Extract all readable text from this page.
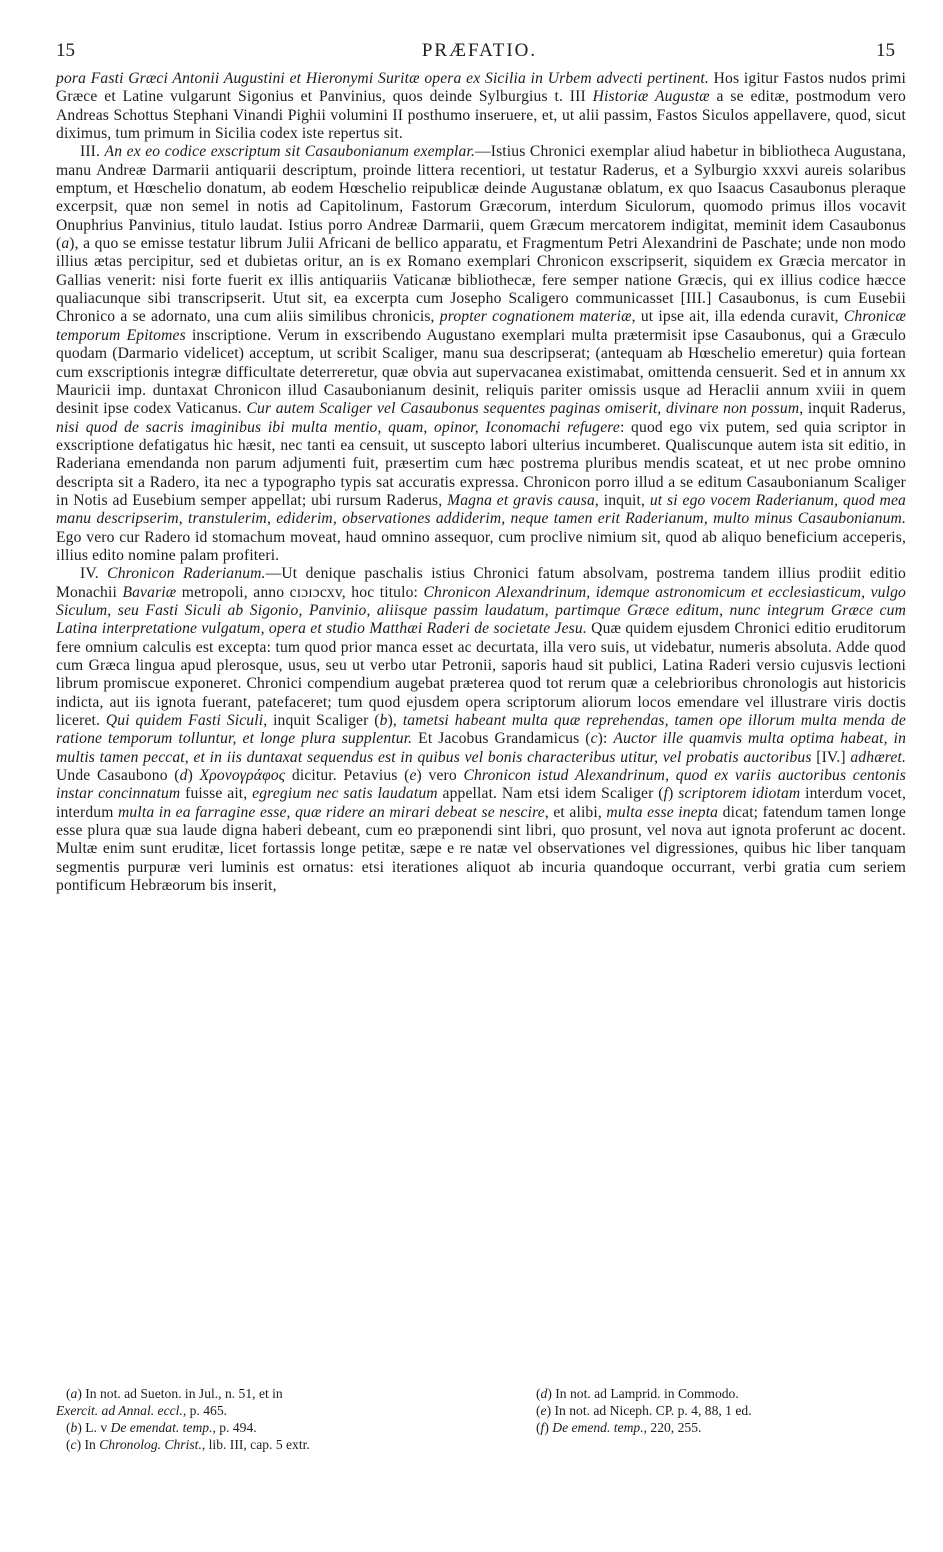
15	PRÆFATIO.	15

pora Fasti Græci Antonii Augustini et Hieronymi Suritæ opera ex Sicilia in Urbem advecti pertinent. Hos igitur Fastos nudos primi Græce et Latine vulgarunt Sigonius et Panvinius, quos deinde Sylburgius t. III Historiæ Augustæ a se editæ, postmodum vero Andreas Schottus Stephani Vinandi Pighii volumini II posthumo inseruere, et, ut alii passim, Fastos Siculos appellavere, quod, sicut diximus, tum primum in Sicilia codex iste repertus sit.

III. An ex eo codice exscriptum sit Casaubonianum exemplar.—Istius Chronici exemplar aliud habetur in bibliotheca Augustana, manu Andreæ Darmarii antiquarii descriptum, proinde littera recentiori, ut testatur Raderus, et a Sylburgio xxxvi aureis solaribus emptum, et Hœschelio donatum, ab eodem Hœschelio reipublicæ deinde Augustanæ oblatum, ex quo Isaacus Casaubonus pleraque excerpsit, quæ non semel in notis ad Capitolinum, Fastorum Græcorum, interdum Siculorum, quomodo primus illos vocavit Onuphrius Panvinius, titulo laudat. Istius porro Andreæ Darmarii, quem Græcum mercatorem indigitat, meminit idem Casaubonus (a), a quo se emisse testatur librum Julii Africani de bellico apparatu, et Fragmentum Petri Alexandrini de Paschate; unde non modo illius ætas percipitur, sed et dubietas oritur, an is ex Romano exemplari Chronicon exscripserit, siquidem ex Græcia mercator in Gallias venerit: nisi forte fuerit ex illis antiquariis Vaticanæ bibliothecæ, fere semper natione Græcis, qui ex illius codice hæcce qualiacunque sibi transcripserit. Utut sit, ea excerpta cum Josepho Scaligero communicasset [III.] Casaubonus, is cum Eusebii Chronico a se adornato, una cum aliis similibus chronicis, propter cognationem materiæ, ut ipse ait, illa edenda curavit, Chronicæ temporum Epitomes inscriptione. Verum in exscribendo Augustano exemplari multa prætermisit ipse Casaubonus, qui a Græculo quodam (Darmario videlicet) acceptum, ut scribit Scaliger, manu sua descripserat; (antequam ab Hœschelio emeretur) quia fortean cum exscriptionis integræ difficultate deterreretur, quæ obvia aut supervacanea existimabat, omittenda censuerit. Sed et in annum xx Mauricii imp. duntaxat Chronicon illud Casaubonianum desinit, reliquis pariter omissis usque ad Heraclii annum xviii in quem desinit ipse codex Vaticanus. Cur autem Scaliger vel Casaubonus sequentes paginas omiserit, divinare non possum, inquit Raderus, nisi quod de sacris imaginibus ibi multa mentio, quam, opinor, Iconomachi refugere: quod ego vix putem, sed quia scriptor in exscriptione defatigatus hic hæsit, nec tanti ea censuit, ut suscepto labori ulterius incumberet. Qualiscunque autem ista sit editio, in Raderiana emendanda non parum adjumenti fuit, præsertim cum hæc postrema pluribus mendis scateat, et ut nec probe omnino descripta sit a Radero, ita nec a typographo typis sat accuratis expressa. Chronicon porro illud a se editum Casaubonianum Scaliger in Notis ad Eusebium semper appellat; ubi rursum Raderus, Magna et gravis causa, inquit, ut si ego vocem Raderianum, quod mea manu descripserim, transtulerim, ediderim, observationes addiderim, neque tamen erit Raderianum, multo minus Casaubonianum. Ego vero cur Radero id stomachum moveat, haud omnino assequor, cum proclive nimium sit, quod ab aliquo beneficium acceperis, illius edito nomine palam profiteri.

IV. Chronicon Raderianum.—Ut denique paschalis istius Chronici fatum absolvam, postrema tandem illius prodiit editio Monachii Bavariæ metropoli, anno cɪɔɪɔcxv, hoc titulo: Chronicon Alexandrinum, idemque astronomicum et ecclesiasticum, vulgo Siculum, seu Fasti Siculi ab Sigonio, Panvinio, aliisque passim laudatum, partimque Græce editum, nunc integrum Græce cum Latina interpretatione vulgatum, opera et studio Matthæi Raderi de societate Jesu. Quæ quidem ejusdem Chronici editio eruditorum fere omnium calculis est excepta: tum quod prior manca esset ac decurtata, illa vero suis, ut videbatur, numeris absoluta. Adde quod cum Græca lingua apud plerosque, usus, seu ut verbo utar Petronii, saporis haud sit publici, Latina Raderi versio cujusvis lectioni librum promiscue exponeret. Chronici compendium augebat præterea quod tot rerum quæ a celebrioribus chronologis aut historicis indicta, aut iis ignota fuerant, patefaceret; tum quod ejusdem opera scriptorum aliorum locos emendare vel illustrare viris doctis liceret. Qui quidem Fasti Siculi, inquit Scaliger (b), tametsi habeant multa quæ reprehendas, tamen ope illorum multa menda de ratione temporum tolluntur, et longe plura supplentur. Et Jacobus Grandamicus (c): Auctor ille quamvis multa optima habeat, in multis tamen peccat, et in iis duntaxat sequendus est in quibus vel bonis characteribus utitur, vel probatis auctoribus [IV.] adhæret. Unde Casaubono (d) Χρονογράφος dicitur. Petavius (e) vero Chronicon istud Alexandrinum, quod ex variis auctoribus centonis instar concinnatum fuisse ait, egregium nec satis laudatum appellat. Nam etsi idem Scaliger (f) scriptorem idiotam interdum vocet, interdum multa in ea farragine esse, quæ ridere an mirari debeat se nescire, et alibi, multa esse inepta dicat; fatendum tamen longe esse plura quæ sua laude digna haberi debeant, cum eo præponendi sint libri, quo prosunt, vel nova aut ignota proferunt ac docent. Multæ enim sunt eruditæ, licet fortassis longe petitæ, sæpe e re natæ vel observationes vel digressiones, quibus hic liber tanquam segmentis purpuræ veri luminis est ornatus: etsi iterationes aliquot ab incuria quandoque occurrant, verbi gratia cum seriem pontificum Hebræorum bis inserit,

(a) In not. ad Sueton. in Jul., n. 51, et in

Exercit. ad Annal. eccl., p. 465.

(b) L. v De emendat. temp., p. 494.

(c) In Chronolog. Christ., lib. III, cap. 5 extr.

(d) In not. ad Lamprid. in Commodo.

(e) In not. ad Niceph. CP. p. 4, 88, 1 ed.

(f) De emend. temp., 220, 255.
